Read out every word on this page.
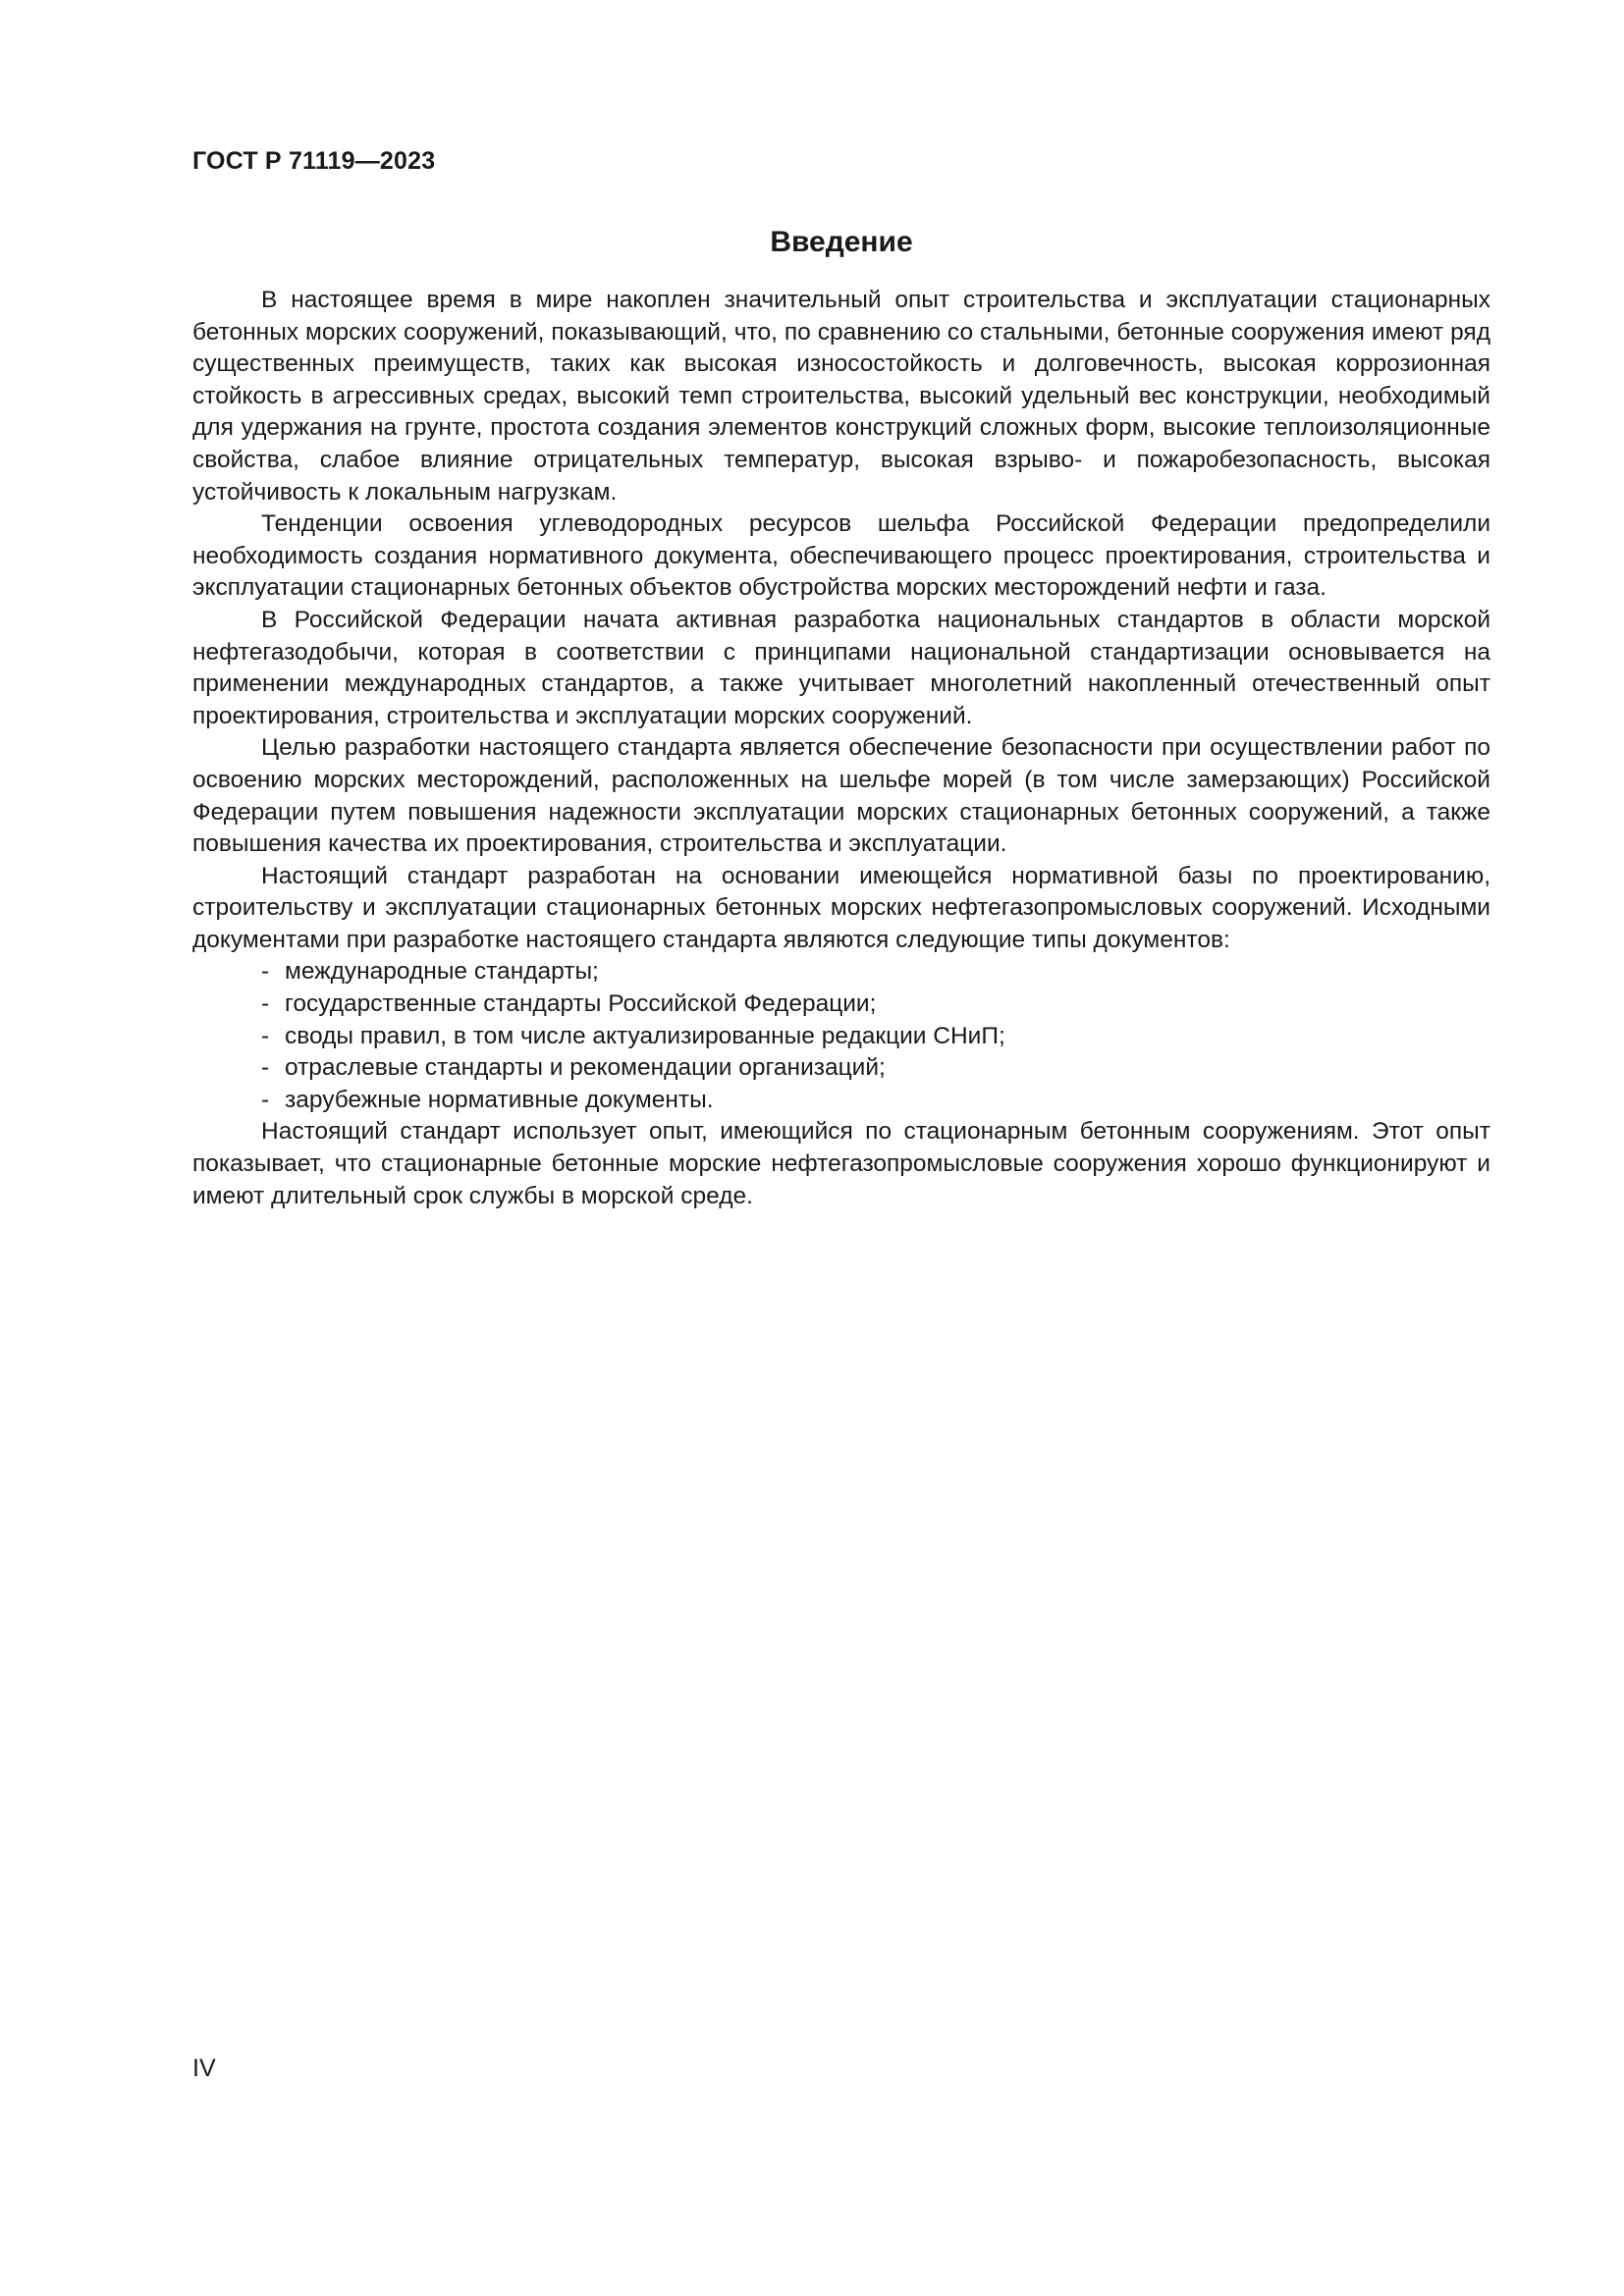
ГОСТ Р 71119—2023
Введение

В настоящее время в мире накоплен значительный опыт строительства и эксплуатации стационарных бетонных морских сооружений, показывающий, что, по сравнению со стальными, бетонные сооружения имеют ряд существенных преимуществ, таких как высокая износостойкость и долговечность, высокая коррозионная стойкость в агрессивных средах, высокий темп строительства, высокий удельный вес конструкции, необходимый для удержания на грунте, простота создания элементов конструкций сложных форм, высокие теплоизоляционные свойства, слабое влияние отрицательных температур, высокая взрыво- и пожаробезопасность, высокая устойчивость к локальным нагрузкам.

Тенденции освоения углеводородных ресурсов шельфа Российской Федерации предопределили необходимость создания нормативного документа, обеспечивающего процесс проектирования, строительства и эксплуатации стационарных бетонных объектов обустройства морских месторождений нефти и газа.

В Российской Федерации начата активная разработка национальных стандартов в области морской нефтегазодобычи, которая в соответствии с принципами национальной стандартизации основывается на применении международных стандартов, а также учитывает многолетний накопленный отечественный опыт проектирования, строительства и эксплуатации морских сооружений.

Целью разработки настоящего стандарта является обеспечение безопасности при осуществлении работ по освоению морских месторождений, расположенных на шельфе морей (в том числе замерзающих) Российской Федерации путем повышения надежности эксплуатации морских стационарных бетонных сооружений, а также повышения качества их проектирования, строительства и эксплуатации.

Настоящий стандарт разработан на основании имеющейся нормативной базы по проектированию, строительству и эксплуатации стационарных бетонных морских нефтегазопромысловых сооружений. Исходными документами при разработке настоящего стандарта являются следующие типы документов:

- международные стандарты;
- государственные стандарты Российской Федерации;
- своды правил, в том числе актуализированные редакции СНиП;
- отраслевые стандарты и рекомендации организаций;
- зарубежные нормативные документы.

Настоящий стандарт использует опыт, имеющийся по стационарным бетонным сооружениям. Этот опыт показывает, что стационарные бетонные морские нефтегазопромысловые сооружения хорошо функционируют и имеют длительный срок службы в морской среде.

IV
